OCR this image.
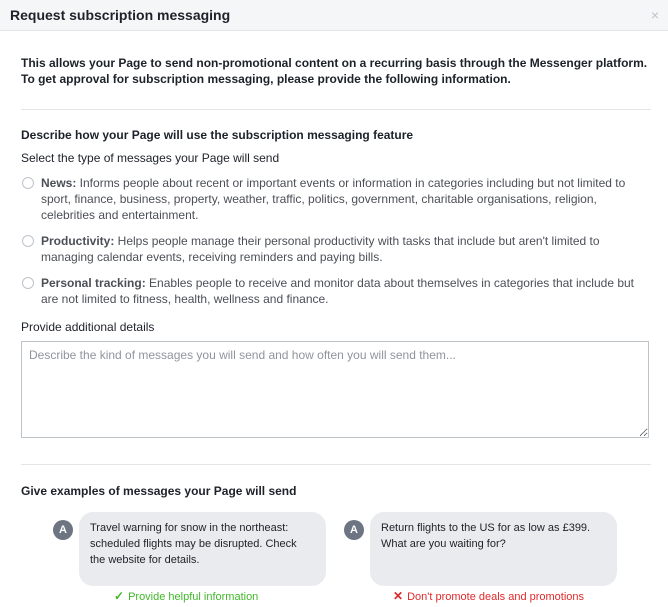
Request subscription messaging	×
This allows your Page to send non-promotional content on a recurring basis through the Messenger platform. To get approval for subscription messaging, please provide the following information.
Describe how your Page will use the subscription messaging feature
Select the type of messages your Page will send
News: Informs people about recent or important events or information in categories including but not limited to sport, finance, business, property, weather, traffic, politics, government, charitable organisations, religion, celebrities and entertainment.
Productivity: Helps people manage their personal productivity with tasks that include but aren't limited to managing calendar events, receiving reminders and paying bills.
Personal tracking: Enables people to receive and monitor data about themselves in categories that include but are not limited to fitness, health, wellness and finance.
Provide additional details
Describe the kind of messages you will send and how often you will send them...
Give examples of messages your Page will send
A	Travel warning for snow in the northeast: scheduled flights may be disrupted. Check the website for details.
✓ Provide helpful information
A	Return flights to the US for as low as £399. What are you waiting for?
✕ Don't promote deals and promotions
